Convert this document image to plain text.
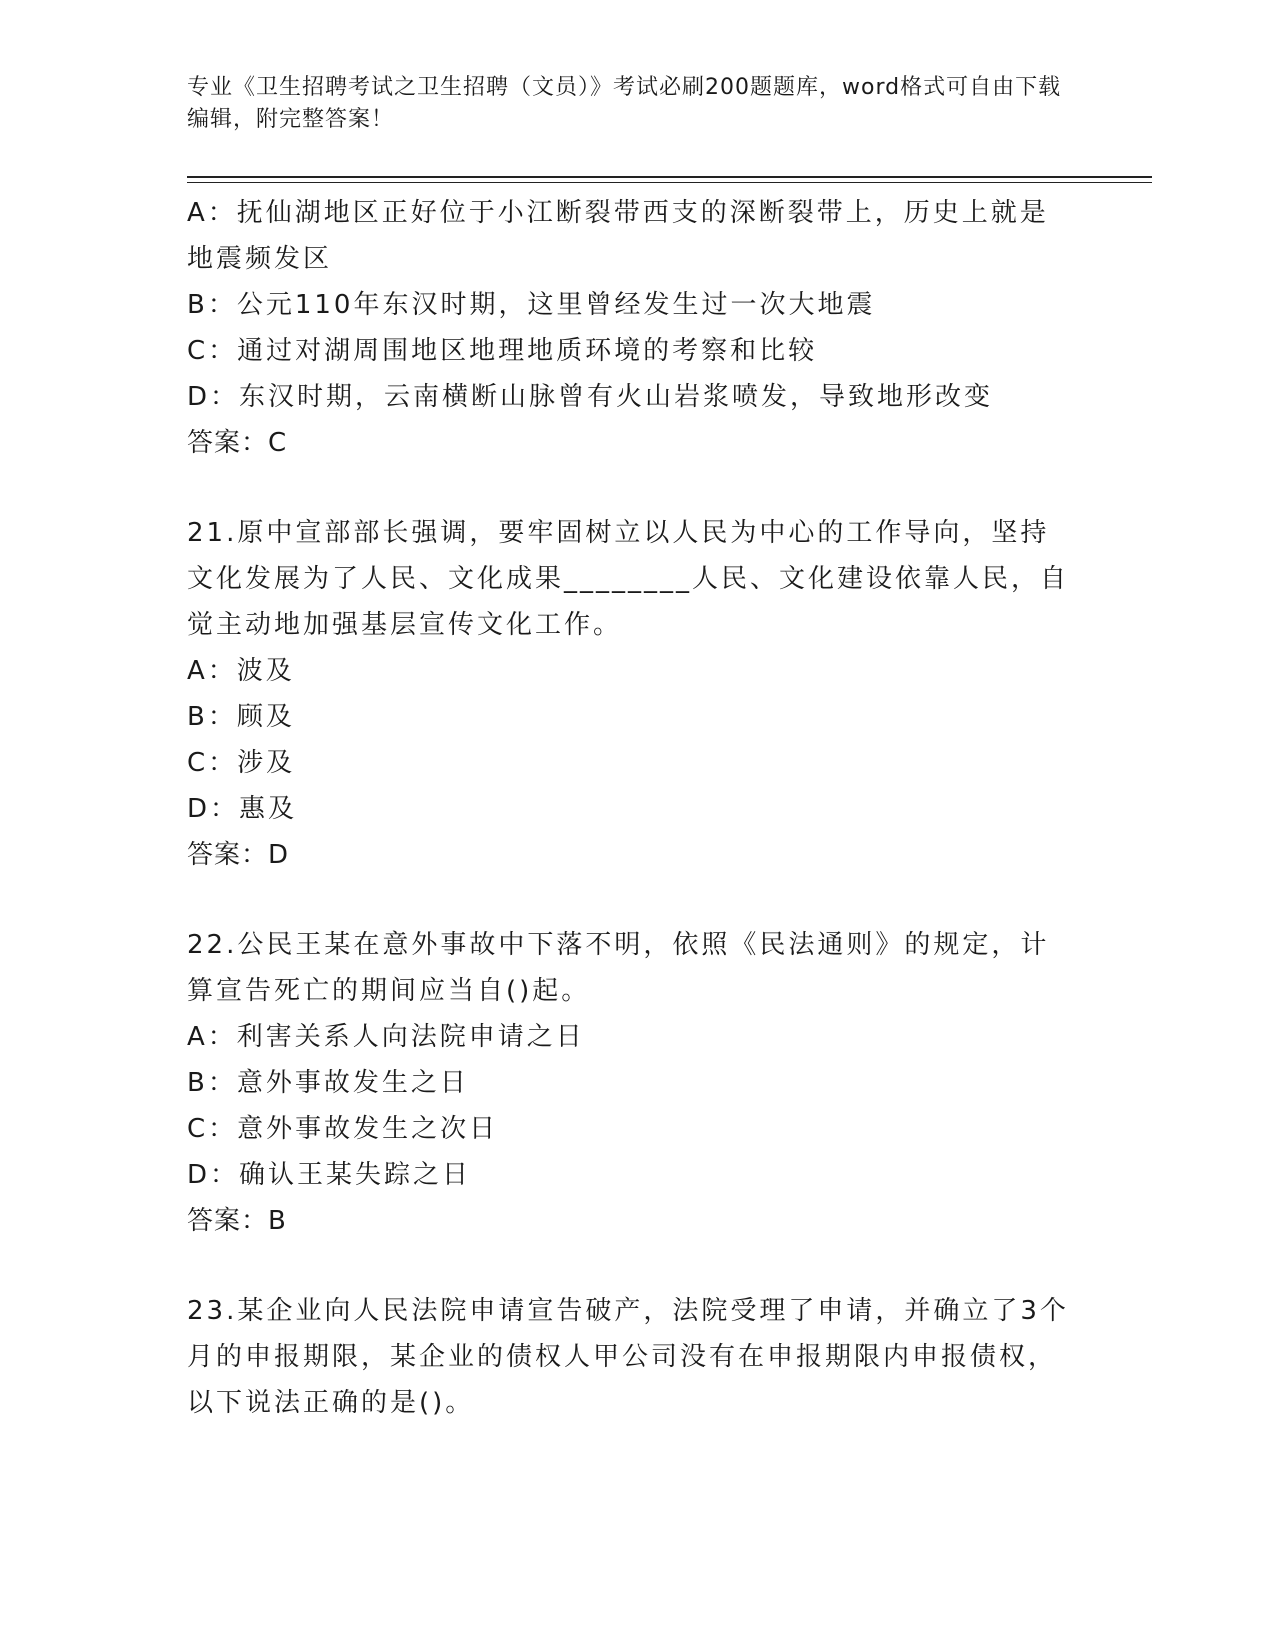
专业《卫生招聘考试之卫生招聘（文员）》考试必刷200题题库，word格式可自由下载编辑，附完整答案！
A：抚仙湖地区正好位于小江断裂带西支的深断裂带上，历史上就是地震频发区
B：公元110年东汉时期，这里曾经发生过一次大地震
C：通过对湖周围地区地理地质环境的考察和比较
D：东汉时期，云南横断山脉曾有火山岩浆喷发，导致地形改变
答案：C
21.原中宣部部长强调，要牢固树立以人民为中心的工作导向，坚持文化发展为了人民、文化成果________人民、文化建设依靠人民，自觉主动地加强基层宣传文化工作。
A：波及
B：顾及
C：涉及
D：惠及
答案：D
22.公民王某在意外事故中下落不明，依照《民法通则》的规定，计算宣告死亡的期间应当自()起。
A：利害关系人向法院申请之日
B：意外事故发生之日
C：意外事故发生之次日
D：确认王某失踪之日
答案：B
23.某企业向人民法院申请宣告破产，法院受理了申请，并确立了3个月的申报期限，某企业的债权人甲公司没有在申报期限内申报债权，以下说法正确的是()。
